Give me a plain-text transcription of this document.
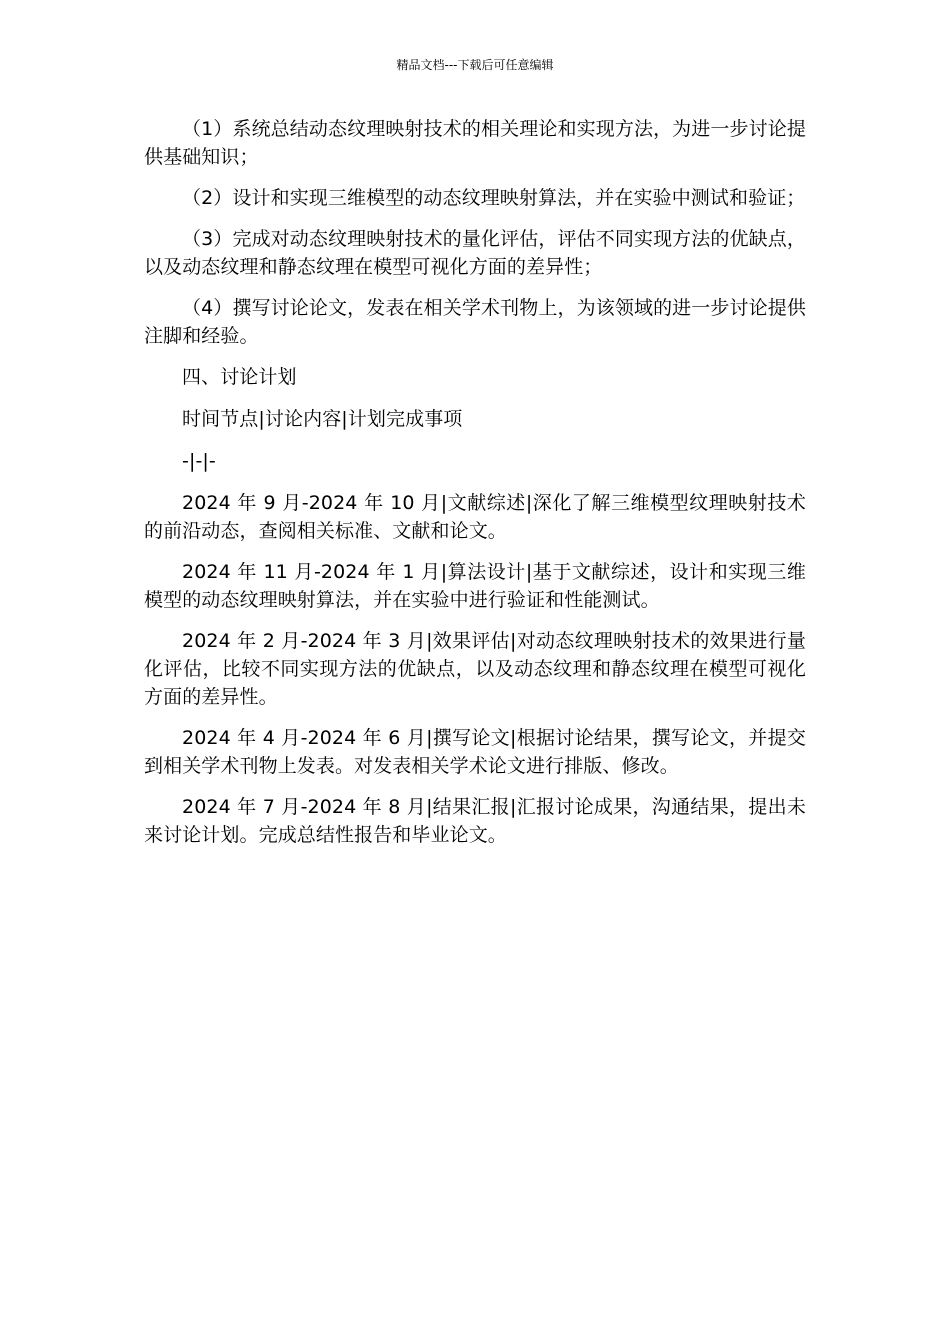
精品文档---下载后可任意编辑

（1）系统总结动态纹理映射技术的相关理论和实现方法，为进一步讨论提供基础知识；

（2）设计和实现三维模型的动态纹理映射算法，并在实验中测试和验证；

（3）完成对动态纹理映射技术的量化评估，评估不同实现方法的优缺点，以及动态纹理和静态纹理在模型可视化方面的差异性；

（4）撰写讨论论文，发表在相关学术刊物上，为该领域的进一步讨论提供注脚和经验。

四、讨论计划

时间节点|讨论内容|计划完成事项

-|-|-

2024 年 9 月-2024 年 10 月|文献综述|深化了解三维模型纹理映射技术的前沿动态，查阅相关标准、文献和论文。

2024 年 11 月-2024 年 1 月|算法设计|基于文献综述，设计和实现三维模型的动态纹理映射算法，并在实验中进行验证和性能测试。

2024 年 2 月-2024 年 3 月|效果评估|对动态纹理映射技术的效果进行量化评估，比较不同实现方法的优缺点，以及动态纹理和静态纹理在模型可视化方面的差异性。

2024 年 4 月-2024 年 6 月|撰写论文|根据讨论结果，撰写论文，并提交到相关学术刊物上发表。对发表相关学术论文进行排版、修改。

2024 年 7 月-2024 年 8 月|结果汇报|汇报讨论成果，沟通结果，提出未来讨论计划。完成总结性报告和毕业论文。
